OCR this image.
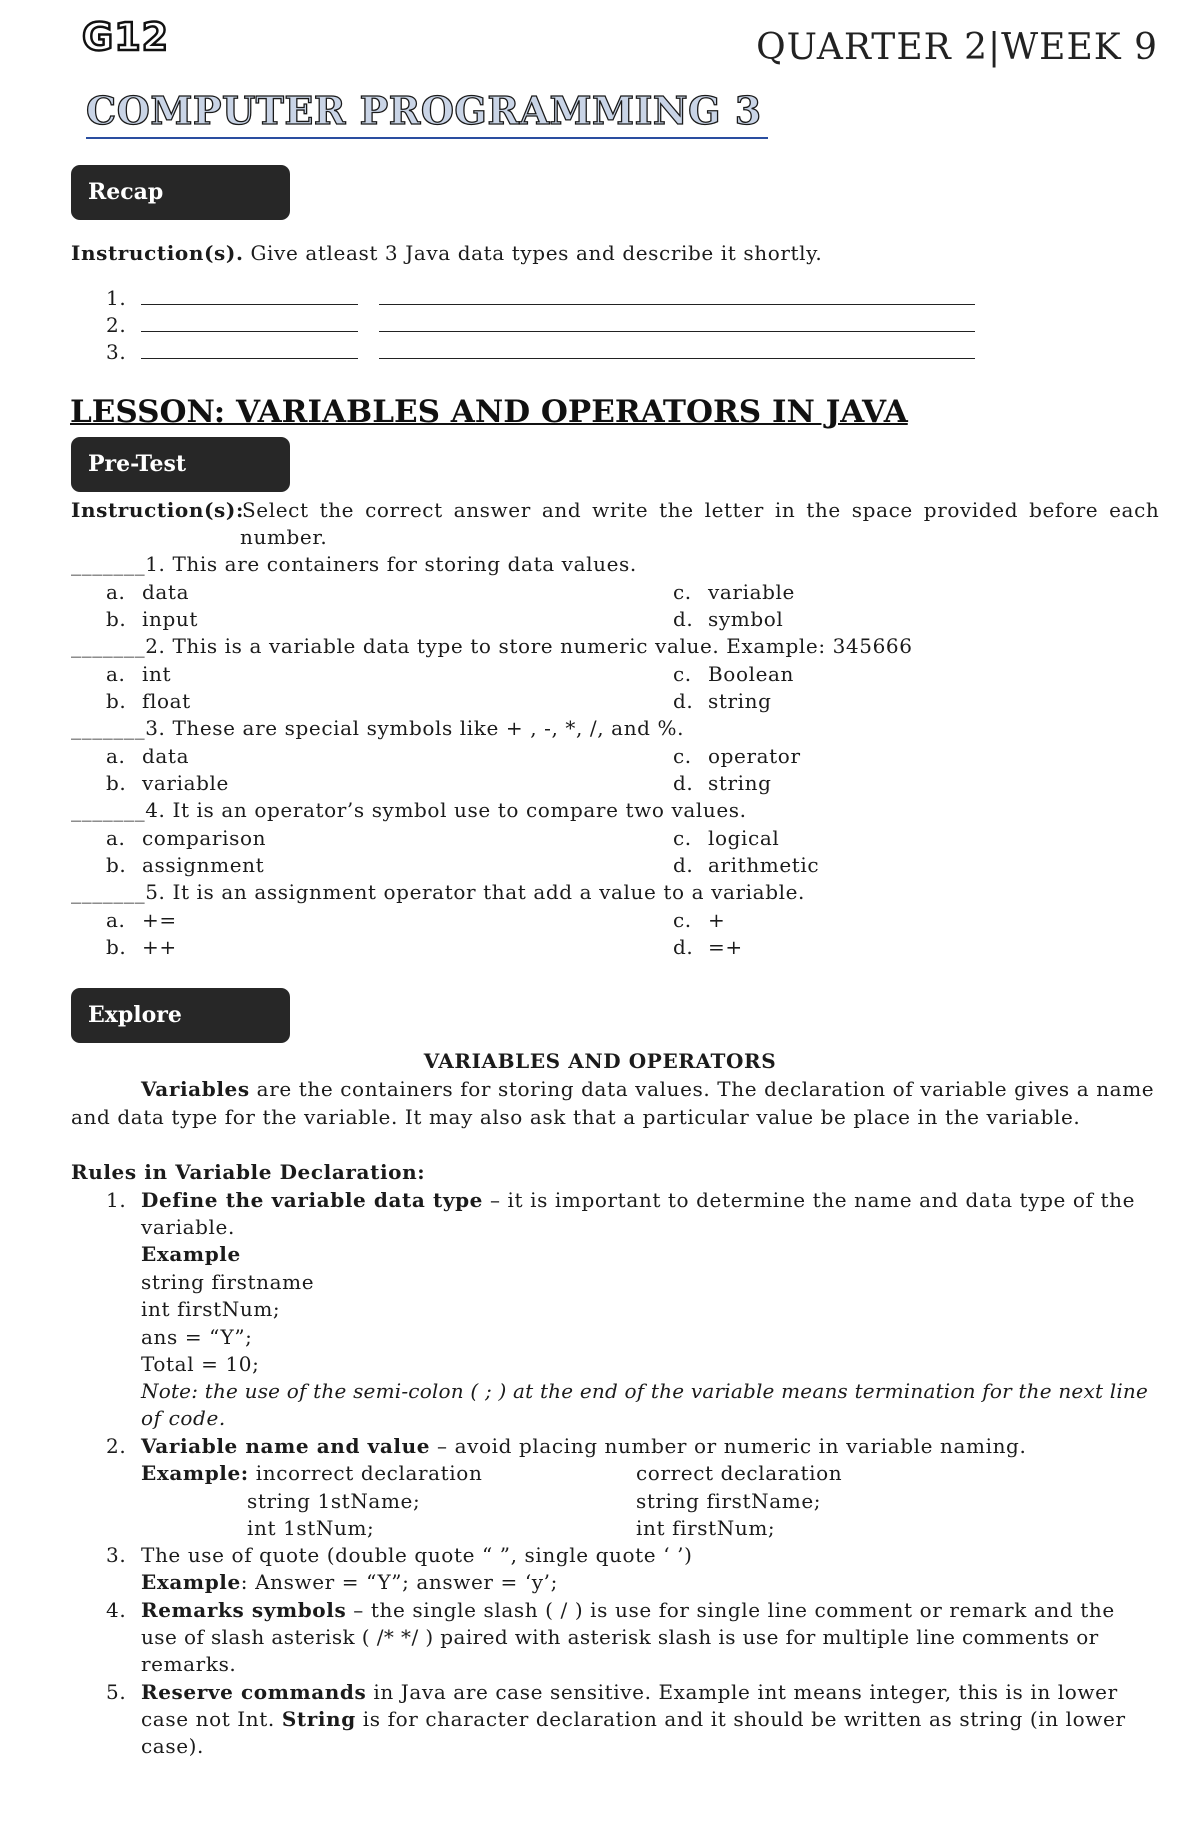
G12	QUARTER 2|WEEK 9
COMPUTER PROGRAMMING 3
Recap
Instruction(s). Give atleast 3 Java data types and describe it shortly.
1.
2.
3.
LESSON: VARIABLES AND OPERATORS IN JAVA
Pre-Test
Instruction(s):
Select the correct answer and write the letter in the space provided before each
number.
_______1. This are containers for storing data values.
a. data	c. variable
b. input	d. symbol
_______2. This is a variable data type to store numeric value. Example: 345666
a. int	c. Boolean
b. float	d. string
_______3. These are special symbols like + , -, *, /, and %.
a. data	c. operator
b. variable	d. string
_______4. It is an operator’s symbol use to compare two values.
a. comparison	c. logical
b. assignment	d. arithmetic
_______5. It is an assignment operator that add a value to a variable.
a. +=	c. +
b. ++	d. =+
Explore
VARIABLES AND OPERATORS
Variables are the containers for storing data values. The declaration of variable gives a name
and data type for the variable. It may also ask that a particular value be place in the variable.
Rules in Variable Declaration:
1. Define the variable data type – it is important to determine the name and data type of the
variable.
Example
string firstname
int firstNum;
ans = “Y”;
Total = 10;
Note: the use of the semi-colon ( ; ) at the end of the variable means termination for the next line
of code.
2. Variable name and value – avoid placing number or numeric in variable naming.
Example: incorrect declaration	correct declaration
string 1stName;	string firstName;
int 1stNum;	int firstNum;
3. The use of quote (double quote “ ”, single quote ‘ ’)
Example: Answer = “Y”; answer = ‘y’;
4. Remarks symbols – the single slash ( / ) is use for single line comment or remark and the
use of slash asterisk ( /* */ ) paired with asterisk slash is use for multiple line comments or
remarks.
5. Reserve commands in Java are case sensitive. Example int means integer, this is in lower
case not Int. String is for character declaration and it should be written as string (in lower
case).
